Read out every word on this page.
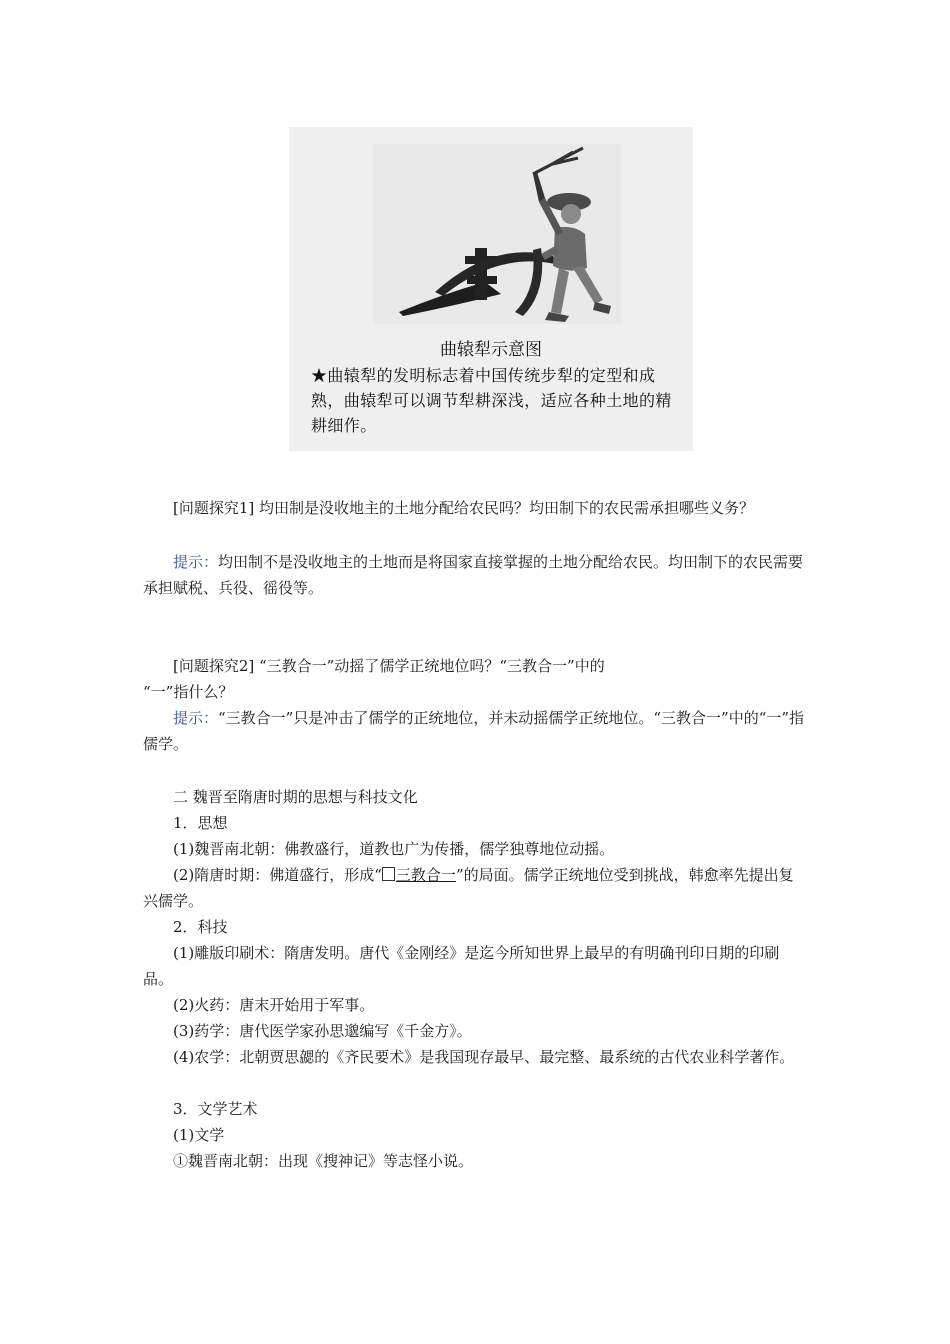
曲辕犁示意图
★曲辕犁的发明标志着中国传统步犁的定型和成熟，曲辕犁可以调节犁耕深浅，适应各种土地的精耕细作。
[问题探究1] 均田制是没收地主的土地分配给农民吗？均田制下的农民需承担哪些义务？
提示：均田制不是没收地主的土地而是将国家直接掌握的土地分配给农民。均田制下的农民需要承担赋税、兵役、徭役等。
[问题探究2] “三教合一”动摇了儒学正统地位吗？“三教合一”中的
“一”指什么？
提示：“三教合一”只是冲击了儒学的正统地位，并未动摇儒学正统地位。“三教合一”中的“一”指儒学。
二 魏晋至隋唐时期的思想与科技文化
1．思想
(1)魏晋南北朝：佛教盛行，道教也广为传播，儒学独尊地位动摇。
(2)隋唐时期：佛道盛行，形成“ 三教合一”的局面。儒学正统地位受到挑战，韩愈率先提出复兴儒学。
2．科技
(1)雕版印刷术：隋唐发明。唐代《金刚经》是迄今所知世界上最早的有明确刊印日期的印刷品。
(2)火药：唐末开始用于军事。
(3)药学：唐代医学家孙思邈编写《千金方》。
(4)农学：北朝贾思勰的《齐民要术》是我国现存最早、最完整、最系统的古代农业科学著作。
3．文学艺术
(1)文学
①魏晋南北朝：出现《搜神记》等志怪小说。
